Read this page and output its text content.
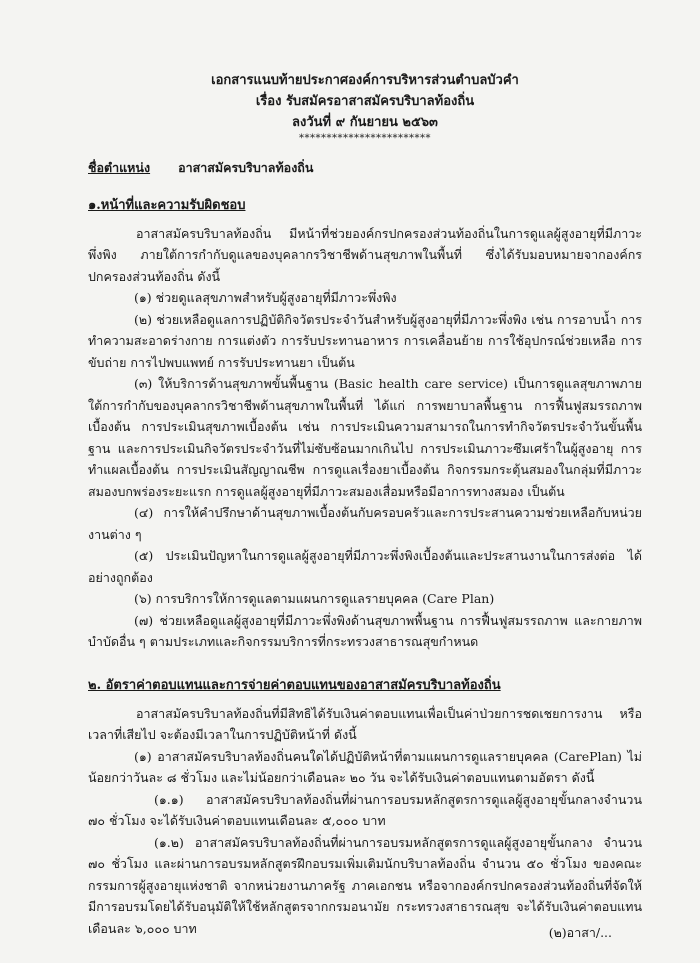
เอกสารแนบท้ายประกาศองค์การบริหารส่วนตำบลบัวคำ
เรื่อง รับสมัครอาสาสมัครบริบาลท้องถิ่น
ลงวันที่ ๙ กันยายน ๒๕๖๓
************************
ชื่อตำแหน่ง อาสาสมัครบริบาลท้องถิ่น
๑.หน้าที่และความรับผิดชอบ

อาสาสมัครบริบาลท้องถิ่น มีหน้าที่ช่วยองค์กรปกครองส่วนท้องถิ่นในการดูแลผู้สูงอายุที่มีภาวะพึ่งพิง ภายใต้การกำกับดูแลของบุคลากรวิชาชีพด้านสุขภาพในพื้นที่ ซึ่งได้รับมอบหมายจากองค์กรปกครองส่วนท้องถิ่น ดังนี้

(๑) ช่วยดูแลสุขภาพสำหรับผู้สูงอายุที่มีภาวะพึ่งพิง

(๒) ช่วยเหลือดูแลการปฏิบัติกิจวัตรประจำวันสำหรับผู้สูงอายุที่มีภาวะพึ่งพิง เช่น การอาบน้ำ การทำความสะอาดร่างกาย การแต่งตัว การรับประทานอาหาร การเคลื่อนย้าย การใช้อุปกรณ์ช่วยเหลือ การขับถ่าย การไปพบแพทย์ การรับประทานยา เป็นต้น

(๓) ให้บริการด้านสุขภาพขั้นพื้นฐาน (Basic health care service) เป็นการดูแลสุขภาพภายใต้การกำกับของบุคลากรวิชาชีพด้านสุขภาพในพื้นที่ ได้แก่ การพยาบาลพื้นฐาน การฟื้นฟูสมรรถภาพเบื้องต้น การประเมินสุขภาพเบื้องต้น เช่น การประเมินความสามารถในการทำกิจวัตรประจำวันขั้นพื้นฐาน และการประเมินกิจวัตรประจำวันที่ไม่ซับซ้อนมากเกินไป การประเมินภาวะซึมเศร้าในผู้สูงอายุ การทำแผลเบื้องต้น การประเมินสัญญาณชีพ การดูแลเรื่องยาเบื้องต้น กิจกรรมกระตุ้นสมองในกลุ่มที่มีภาวะสมองบกพร่องระยะแรก การดูแลผู้สูงอายุที่มีภาวะสมองเสื่อมหรือมีอาการทางสมอง เป็นต้น

(๔) การให้คำปรึกษาด้านสุขภาพเบื้องต้นกับครอบครัวและการประสานความช่วยเหลือกับหน่วยงานต่าง ๆ

(๕) ประเมินปัญหาในการดูแลผู้สูงอายุที่มีภาวะพึ่งพิงเบื้องต้นและประสานงานในการส่งต่อ ได้อย่างถูกต้อง

(๖) การบริการให้การดูแลตามแผนการดูแลรายบุคคล (Care Plan)

(๗) ช่วยเหลือดูแลผู้สูงอายุที่มีภาวะพึ่งพิงด้านสุขภาพพื้นฐาน การฟื้นฟูสมรรถภาพ และกายภาพ บำบัดอื่น ๆ ตามประเภทและกิจกรรมบริการที่กระทรวงสาธารณสุขกำหนด

๒. อัตราค่าตอบแทนและการจ่ายค่าตอบแทนของอาสาสมัครบริบาลท้องถิ่น

อาสาสมัครบริบาลท้องถิ่นที่มีสิทธิได้รับเงินค่าตอบแทนเพื่อเป็นค่าป่วยการชดเชยการงาน หรือเวลาที่เสียไป จะต้องมีเวลาในการปฏิบัติหน้าที่ ดังนี้

(๑) อาสาสมัครบริบาลท้องถิ่นคนใดได้ปฏิบัติหน้าที่ตามแผนการดูแลรายบุคคล (CarePlan) ไม่น้อยกว่าวันละ ๘ ชั่วโมง และไม่น้อยกว่าเดือนละ ๒๐ วัน จะได้รับเงินค่าตอบแทนตามอัตรา ดังนี้

(๑.๑) อาสาสมัครบริบาลท้องถิ่นที่ผ่านการอบรมหลักสูตรการดูแลผู้สูงอายุขั้นกลางจำนวน ๗๐ ชั่วโมง จะได้รับเงินค่าตอบแทนเดือนละ ๕,๐๐๐ บาท

(๑.๒) อาสาสมัครบริบาลท้องถิ่นที่ผ่านการอบรมหลักสูตรการดูแลผู้สูงอายุขั้นกลาง จำนวน ๗๐ ชั่วโมง และผ่านการอบรมหลักสูตรฝึกอบรมเพิ่มเติมนักบริบาลท้องถิ่น จำนวน ๕๐ ชั่วโมง ของคณะกรรมการผู้สูงอายุแห่งชาติ จากหน่วยงานภาครัฐ ภาคเอกชน หรือจากองค์กรปกครองส่วนท้องถิ่นที่จัดให้มีการอบรมโดยได้รับอนุมัติให้ใช้หลักสูตรจากกรมอนามัย กระทรวงสาธารณสุข จะได้รับเงินค่าตอบแทนเดือนละ ๖,๐๐๐ บาท	(๒)อาสา/...
